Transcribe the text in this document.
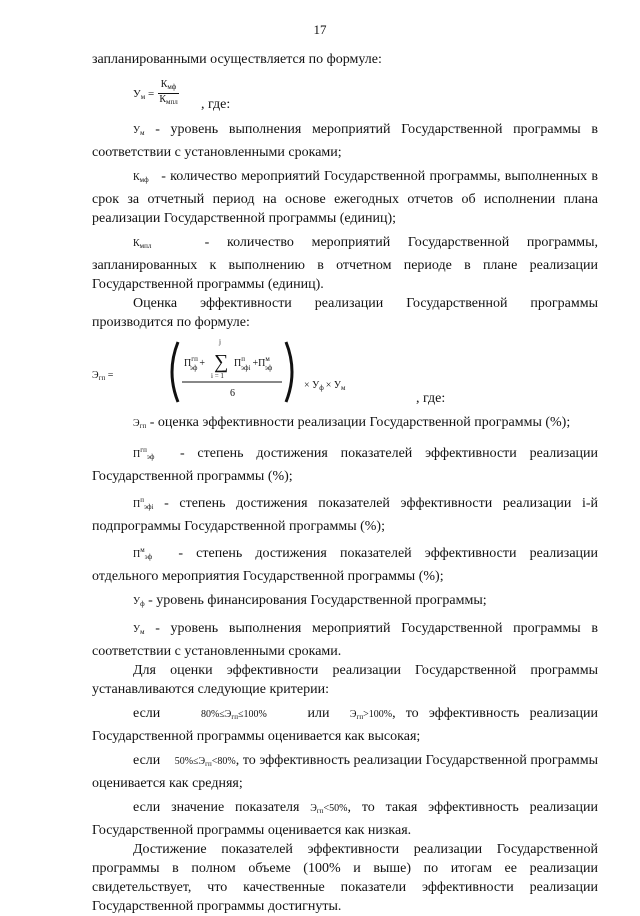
17

запланированными осуществляется по формуле:

$У_м = \frac{К_{мф}}{К_{мпл}}$ , где:

$У_м$ - уровень выполнения мероприятий Государственной программы в соответствии с установленными сроками;

$К_{мф}$ - количество мероприятий Государственной программы, выполненных в срок за отчетный период на основе ежегодных отчетов об исполнении плана реализации Государственной программы (единиц);

$К_{мпл}$	- количество мероприятий Государственной программы, запланированных к выполнению в отчетном периоде в плане реализации Государственной программы (единиц).

Оценка эффективности реализации Государственной программы производится по формуле:

$Э_{гп}$ =
$П^{гп}$ эф +
j
∑
i = 1
$П^п$ эфi $+П^м$ эф
6
× $У_ф \times У_м$
, где:

$Э_{гп}$ - оценка эффективности реализации Государственной программы (%);

$П^{гп}_{эф}$ - степень достижения показателей эффективности реализации Государственной программы (%);

$П^п_{эфi}$ - степень достижения показателей эффективности реализации i-й подпрограммы Государственной программы (%);

$П^м_{эф}$ - степень достижения показателей эффективности реализации отдельного мероприятия Государственной программы (%);

$У_ф$ - уровень финансирования Государственной программы;

$У_м$ - уровень выполнения мероприятий Государственной программы в соответствии с установленными сроками.

Для оценки эффективности реализации Государственной программы устанавливаются следующие критерии:

если	$80\%\le Э_{гп}\le 100\%$	или $Э_{гп}>100\%$, то эффективность реализации Государственной программы оценивается как высокая;

если $50\%\le Э_{гп}<80\%$, то эффективность реализации Государственной программы оценивается как средняя;

если значение показателя $Э_{гп}<50\%$, то такая эффективность реализации Государственной программы оценивается как низкая.

Достижение показателей эффективности реализации Государственной программы в полном объеме (100% и выше) по итогам ее реализации свидетельствует, что качественные показатели эффективности реализации Государственной программы достигнуты.
